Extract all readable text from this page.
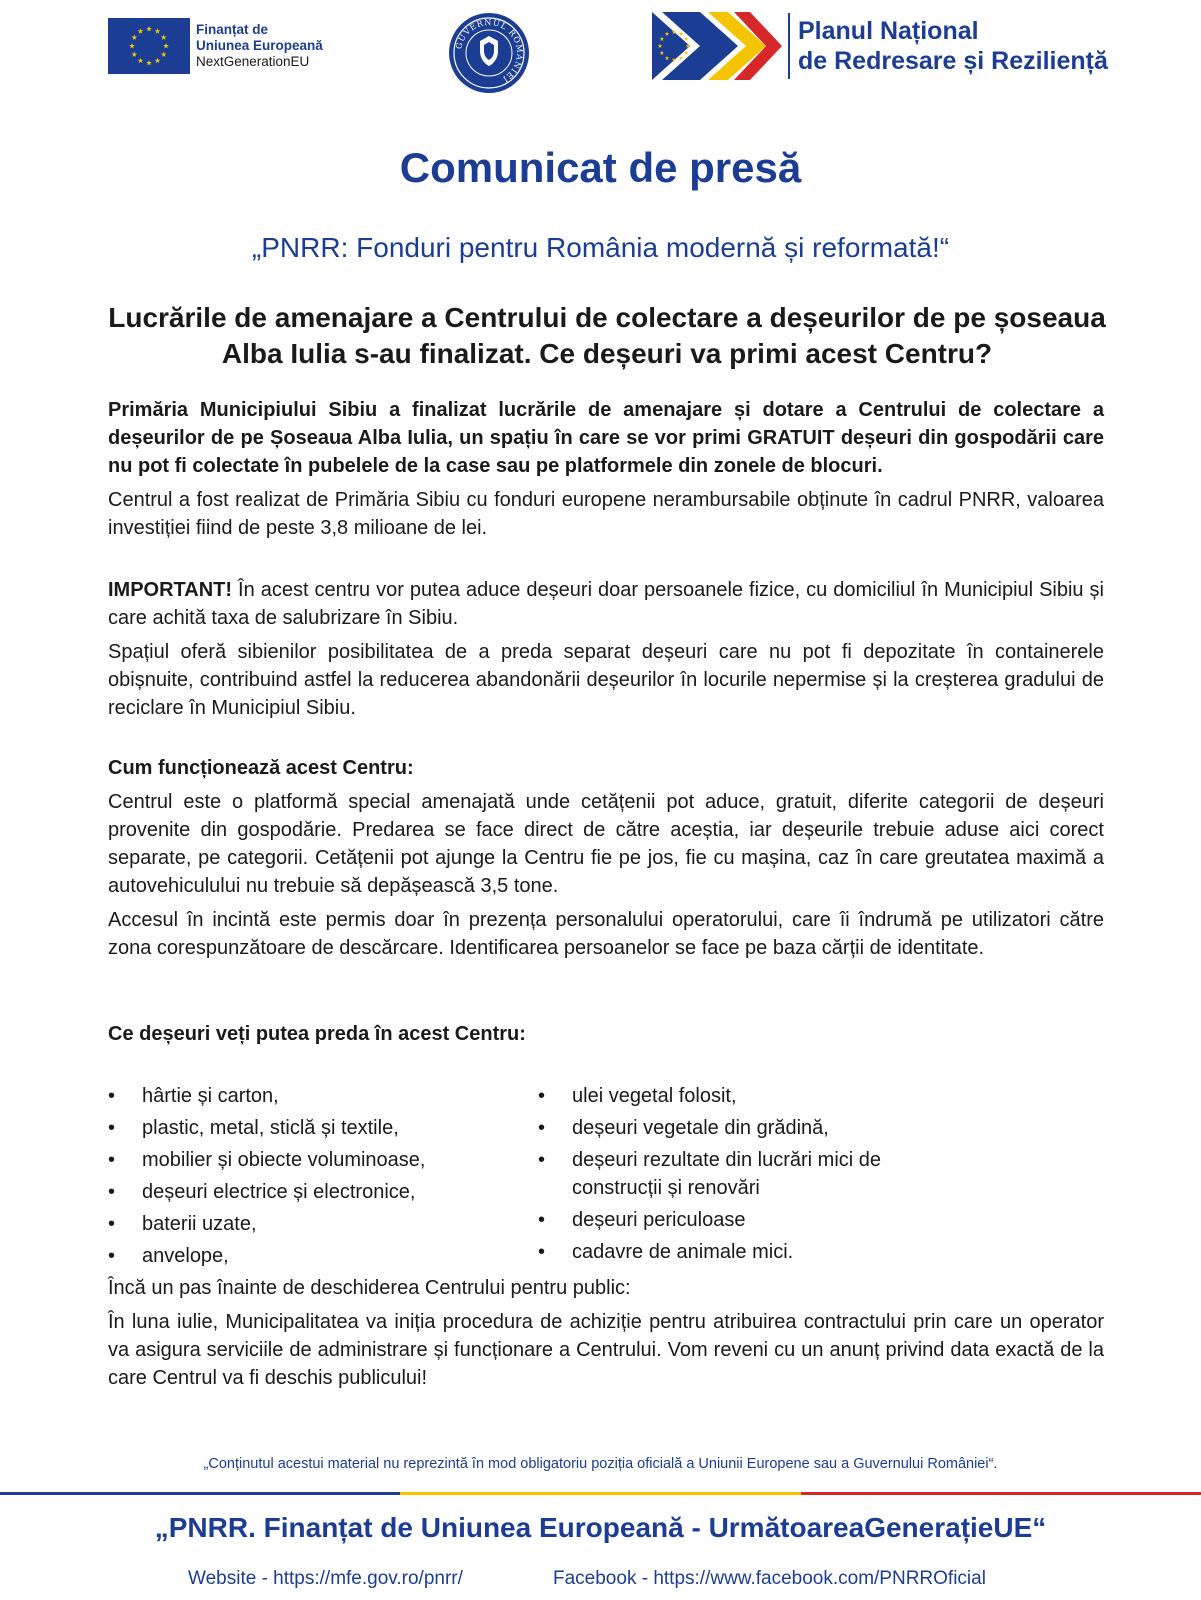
Finanțat de
Uniunea Europeană
NextGenerationEU
GUVERNUL ROMÂNIEI
Planul Național
de Redresare și Reziliență
Comunicat de presă
„PNRR: Fonduri pentru România modernă și reformată!“
Lucrările de amenajare a Centrului de colectare a deșeurilor de pe șoseaua Alba Iulia s-au finalizat. Ce deșeuri va primi acest Centru?

Primăria Municipiului Sibiu a finalizat lucrările de amenajare și dotare a Centrului de colectare a deșeurilor de pe Șoseaua Alba Iulia, un spațiu în care se vor primi GRATUIT deșeuri din gospodării care nu pot fi colectate în pubelele de la case sau pe platformele din zonele de blocuri.

Centrul a fost realizat de Primăria Sibiu cu fonduri europene nerambursabile obținute în cadrul PNRR, valoarea investiției fiind de peste 3,8 milioane de lei.

IMPORTANT! În acest centru vor putea aduce deșeuri doar persoanele fizice, cu domiciliul în Municipiul Sibiu și care achită taxa de salubrizare în Sibiu.

Spațiul oferă sibienilor posibilitatea de a preda separat deșeuri care nu pot fi depozitate în containerele obișnuite, contribuind astfel la reducerea abandonării deșeurilor în locurile nepermise și la creșterea gradului de reciclare în Municipiul Sibiu.

Cum funcționează acest Centru:

Centrul este o platformă special amenajată unde cetățenii pot aduce, gratuit, diferite categorii de deșeuri provenite din gospodărie. Predarea se face direct de către aceștia, iar deșeurile trebuie aduse aici corect separate, pe categorii. Cetățenii pot ajunge la Centru fie pe jos, fie cu mașina, caz în care greutatea maximă a autovehiculului nu trebuie să depășească 3,5 tone.

Accesul în incintă este permis doar în prezența personalului operatorului, care îi îndrumă pe utilizatori către zona corespunzătoare de descărcare. Identificarea persoanelor se face pe baza cărții de identitate.

Ce deșeuri veți putea preda în acest Centru:

• hârtie și carton,
• plastic, metal, sticlă și textile,
• mobilier și obiecte voluminoase,
• deșeuri electrice și electronice,
• baterii uzate,
• anvelope,
• ulei vegetal folosit,
• deșeuri vegetale din grădină,
• deșeuri rezultate din lucrări mici de construcții și renovări
• deșeuri periculoase
• cadavre de animale mici.

Încă un pas înainte de deschiderea Centrului pentru public:

În luna iulie, Municipalitatea va iniția procedura de achiziție pentru atribuirea contractului prin care un operator va asigura serviciile de administrare și funcționare a Centrului. Vom reveni cu un anunț privind data exactă de la care Centrul va fi deschis publicului!

„Conținutul acestui material nu reprezintă în mod obligatoriu poziția oficială a Uniunii Europene sau a Guvernului României“.
„PNRR. Finanțat de Uniunea Europeană - UrmătoareaGenerațieUE“
Website - https://mfe.gov.ro/pnrr/	Facebook - https://www.facebook.com/PNRROficial
